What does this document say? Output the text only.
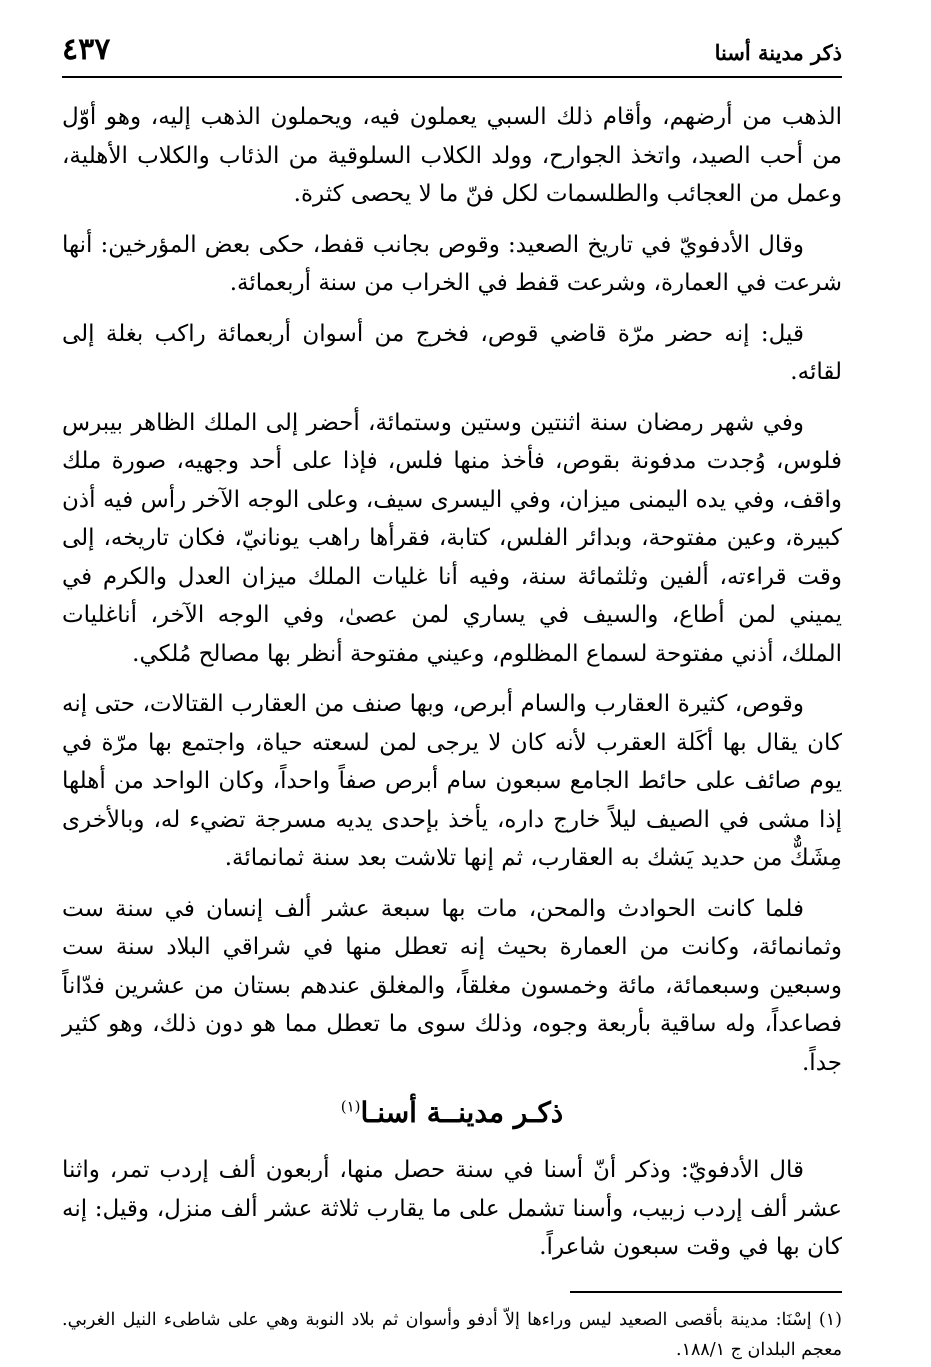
ذكر مدينة أسنا
٤٣٧

الذهب من أرضهم، وأقام ذلك السبي يعملون فيه، ويحملون الذهب إليه، وهو أوّل من أحب الصيد، واتخذ الجوارح، وولد الكلاب السلوقية من الذئاب والكلاب الأهلية، وعمل من العجائب والطلسمات لكل فنّ ما لا يحصى كثرة.

وقال الأدفويّ في تاريخ الصعيد: وقوص بجانب قفط، حكى بعض المؤرخين: أنها شرعت في العمارة، وشرعت قفط في الخراب من سنة أربعمائة.

قيل: إنه حضر مرّة قاضي قوص، فخرج من أسوان أربعمائة راكب بغلة إلى لقائه.

وفي شهر رمضان سنة اثنتين وستين وستمائة، أحضر إلى الملك الظاهر بيبرس فلوس، وُجدت مدفونة بقوص، فأخذ منها فلس، فإذا على أحد وجهيه، صورة ملك واقف، وفي يده اليمنى ميزان، وفي اليسرى سيف، وعلى الوجه الآخر رأس فيه أذن كبيرة، وعين مفتوحة، وبدائر الفلس، كتابة، فقرأها راهب يونانيّ، فكان تاريخه، إلى وقت قراءته، ألفين وثلثمائة سنة، وفيه أنا غليات الملك ميزان العدل والكرم في يميني لمن أطاع، والسيف في يساري لمن عصىٰ، وفي الوجه الآخر، أناغليات الملك، أذني مفتوحة لسماع المظلوم، وعيني مفتوحة أنظر بها مصالح مُلكي.

وقوص، كثيرة العقارب والسام أبرص، وبها صنف من العقارب القتالات، حتى إنه كان يقال بها أكَلة العقرب لأنه كان لا يرجى لمن لسعته حياة، واجتمع بها مرّة في يوم صائف على حائط الجامع سبعون سام أبرص صفاً واحداً، وكان الواحد من أهلها إذا مشى في الصيف ليلاً خارج داره، يأخذ بإحدى يديه مسرجة تضيء له، وبالأخرى مِشَكٌّ من حديد يَشك به العقارب، ثم إنها تلاشت بعد سنة ثمانمائة.

فلما كانت الحوادث والمحن، مات بها سبعة عشر ألف إنسان في سنة ست وثمانمائة، وكانت من العمارة بحيث إنه تعطل منها في شراقي البلاد سنة ست وسبعين وسبعمائة، مائة وخمسون مغلقاً، والمغلق عندهم بستان من عشرين فدّاناً فصاعداً، وله ساقية بأربعة وجوه، وذلك سوى ما تعطل مما هو دون ذلك، وهو كثير جداً.

ذكـر مدينــة أسنـا$^{(١)}$

قال الأدفويّ: وذكر أنّ أسنا في سنة حصل منها، أربعون ألف إردب تمر، واثنا عشر ألف إردب زبيب، وأسنا تشمل على ما يقارب ثلاثة عشر ألف منزل، وقيل: إنه كان بها في وقت سبعون شاعراً.

(١) إسْنَا: مدينة بأقصى الصعيد ليس وراءها إلاّ أدفو وأسوان ثم بلاد النوبة وهي على شاطىء النيل الغربي. معجم البلدان ج ١٨٨/١.
